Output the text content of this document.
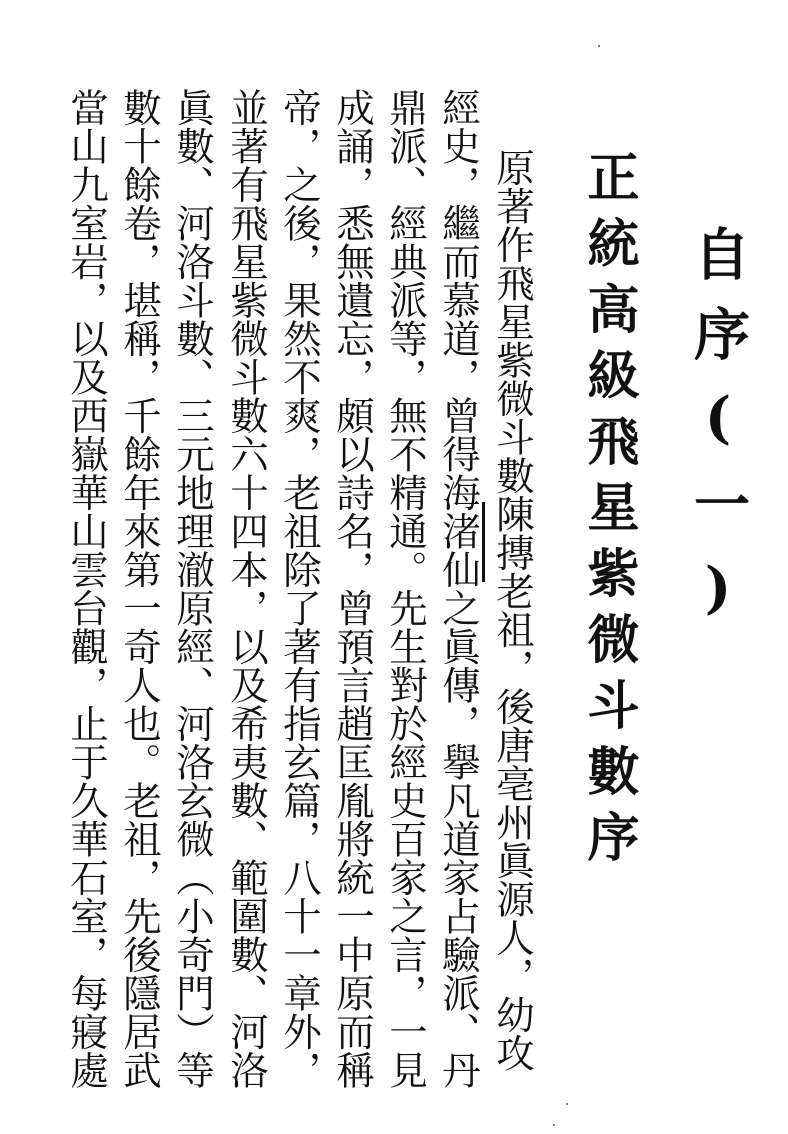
自序(一)
正統高級飛星紫微斗數序
原著作飛星紫微斗數陳摶老祖，後唐亳州眞源人，幼攻
經史，繼而慕道，曾得海渚仙之眞傳，擧凡道家占驗派、丹
鼎派、經典派等，無不精通。先生對於經史百家之言，一見
成誦，悉無遺忘，頗以詩名，曾預言趙匡胤將統一中原而稱
帝，之後，果然不爽，老祖除了著有指玄篇，八十一章外，
並著有飛星紫微斗數六十四本，以及希夷數、範圍數、河洛
眞數、河洛斗數、三元地理澈原經、河洛玄微（小奇門）等
數十餘卷，堪稱，千餘年來第一奇人也。老祖，先後隱居武
當山九室岩，以及西嶽華山雲台觀，止于久華石室，每寢處
